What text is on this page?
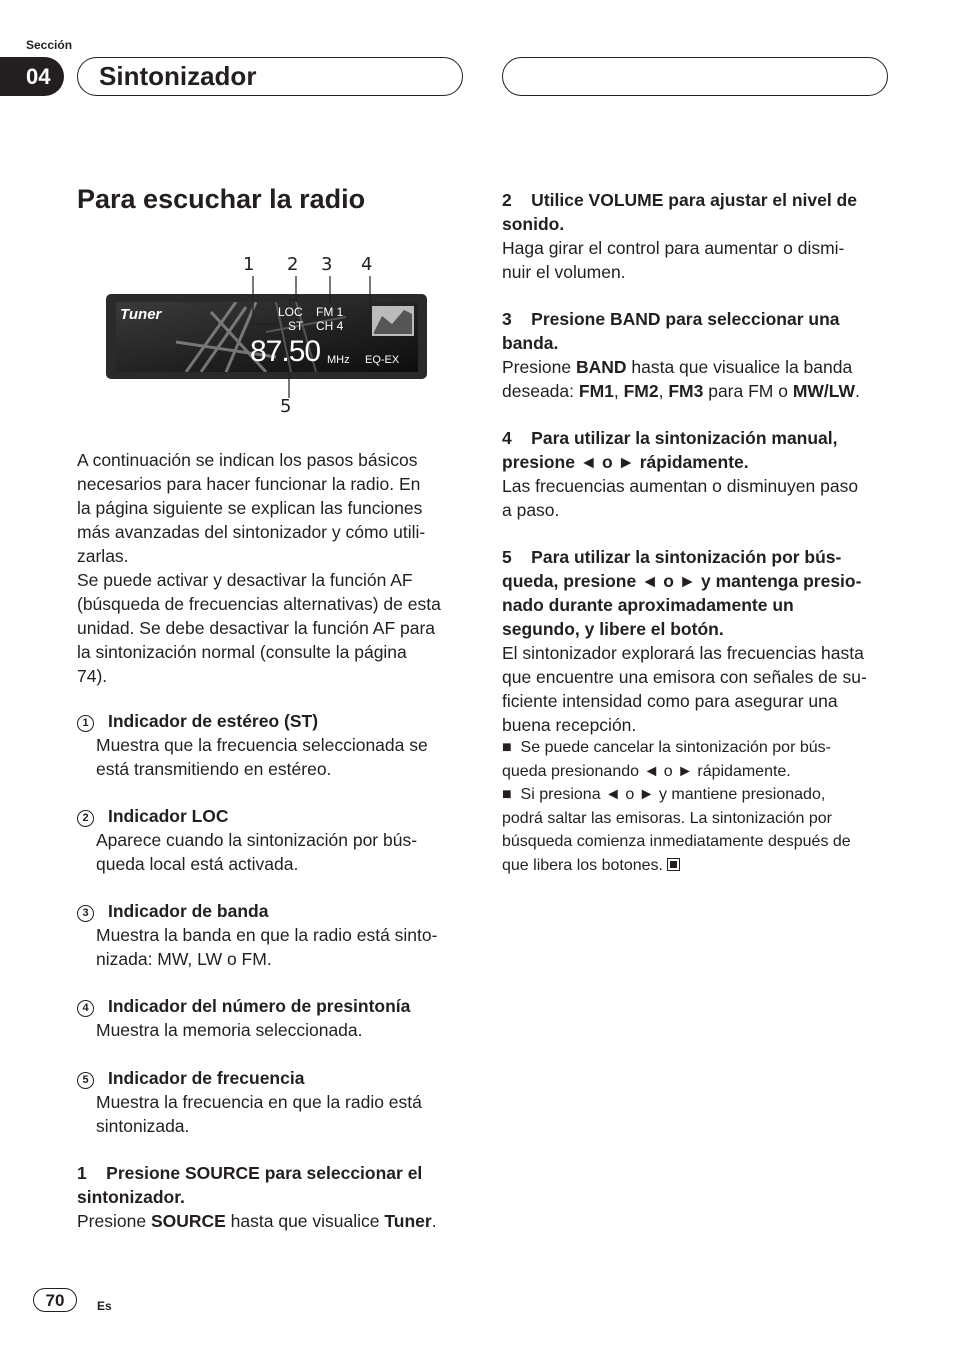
Sección
04	Sintonizador
Para escuchar la radio
Tuner	LOC
ST
FM 1
CH 4
87.50 MHz EQ-EX
1 2 3 4
5
A continuación se indican los pasos básicos
necesarios para hacer funcionar la radio. En
la página siguiente se explican las funciones
más avanzadas del sintonizador y cómo utili-
zarlas.
Se puede activar y desactivar la función AF
(búsqueda de frecuencias alternativas) de esta
unidad. Se debe desactivar la función AF para
la sintonización normal (consulte la página
74).
1 Indicador de estéreo (ST)
Muestra que la frecuencia seleccionada se
está transmitiendo en estéreo.
2 Indicador LOC
Aparece cuando la sintonización por bús-
queda local está activada.
3 Indicador de banda
Muestra la banda en que la radio está sinto-
nizada: MW, LW o FM.
4 Indicador del número de presintonía
Muestra la memoria seleccionada.
5 Indicador de frecuencia
Muestra la frecuencia en que la radio está
sintonizada.
1    Presione SOURCE para seleccionar el
sintonizador.
Presione SOURCE hasta que visualice Tuner.
2    Utilice VOLUME para ajustar el nivel de
sonido.
Haga girar el control para aumentar o dismi-
nuir el volumen.
3    Presione BAND para seleccionar una
banda.
Presione BAND hasta que visualice la banda
deseada: FM1, FM2, FM3 para FM o MW/LW.
4    Para utilizar la sintonización manual,
presione ◄ o ► rápidamente.
Las frecuencias aumentan o disminuyen paso
a paso.
5    Para utilizar la sintonización por bús-
queda, presione ◄ o ► y mantenga presio-
nado durante aproximadamente un
segundo, y libere el botón.
El sintonizador explorará las frecuencias hasta
que encuentre una emisora con señales de su-
ficiente intensidad como para asegurar una
buena recepción.
■  Se puede cancelar la sintonización por bús-
queda presionando ◄ o ► rápidamente.
■  Si presiona ◄ o ► y mantiene presionado,
podrá saltar las emisoras. La sintonización por
búsqueda comienza inmediatamente después de
que libera los botones.
70	Es
